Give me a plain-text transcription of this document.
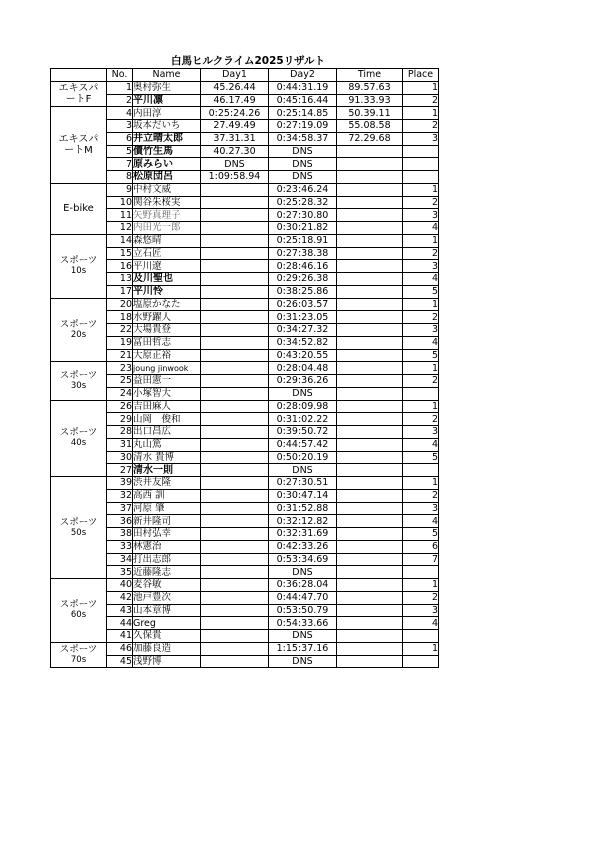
白馬ヒルクライム2025リザルト
	No.	Name	Day1	Day2	Time	Place

エキスパ
ートF	1	奥村弥生	45.26.44	0:44:31.19	89.57.63	1
	2	平川凛	46.17.49	0:45:16.44	91.33.93	2

エキスパ
ートM	4	内田淳	0:25:24.26	0:25:14.85	50.39.11	1
	3	坂本だいち	27.49.49	0:27:19.09	55.08.58	2
	6	井立晴太郎	37.31.31	0:34:58.37	72.29.68	3
	5	債竹生馬	40.27.30	DNS		
	7	原みらい	DNS	DNS		
	8	松原団呂	1:09:58.94	DNS		

E-bike	9	中村文威		0:23:46.24		1
	10	関谷朱桜実		0:25:28.32		2
	11	矢野真理子		0:27:30.80		3
	12	内田光一郎		0:30:21.82		4

スポーツ
10s	14	森悠晴		0:25:18.91		1
	15	立石匠		0:27:38.38		2
	16	平川遼		0:28:46.16		3
	13	及川聖也		0:29:26.38		4
	17	平川怜		0:38:25.86		5

スポーツ
20s	20	塩原かなた		0:26:03.57		1
	18	水野躍人		0:31:23.05		2
	22	大場貴登		0:34:27.32		3
	19	冨田哲志		0:34:52.82		4
	21	大原正裕		0:43:20.55		5

スポーツ
30s	23	joung jinwook		0:28:04.48		1
	25	益田憲一		0:29:36.26		2
	24	小塚智大		DNS		

スポーツ
40s	26	吉田麻人		0:28:09.98		1
	29	山岡　俊和		0:31:02.22		2
	28	出口昌広		0:39:50.72		3
	31	丸山篤		0:44:57.42		4
	30	清水 貴博		0:50:20.19		5
	27	清水一則		DNS		

スポーツ
50s	39	渋井友隆		0:27:30.51		1
	32	高西 訓		0:30:47.14		2
	37	河原 肇		0:31:52.88		3
	36	新井隆司		0:32:12.82		4
	38	田村弘幸		0:32:31.69		5
	33	林憲治		0:42:33.26		6
	34	打出志郎		0:53:34.69		7
	35	近藤隆志		DNS		

スポーツ
60s	40	麦谷敏		0:36:28.04		1
	42	池戸豊次		0:44:47.70		2
	43	山本章博		0:53:50.79		3
	44	Greg		0:54:33.66		4
	41	久保貴		DNS		

スポーツ
70s	46	加藤良造		1:15:37.16		1
	45	浅野博		DNS		
